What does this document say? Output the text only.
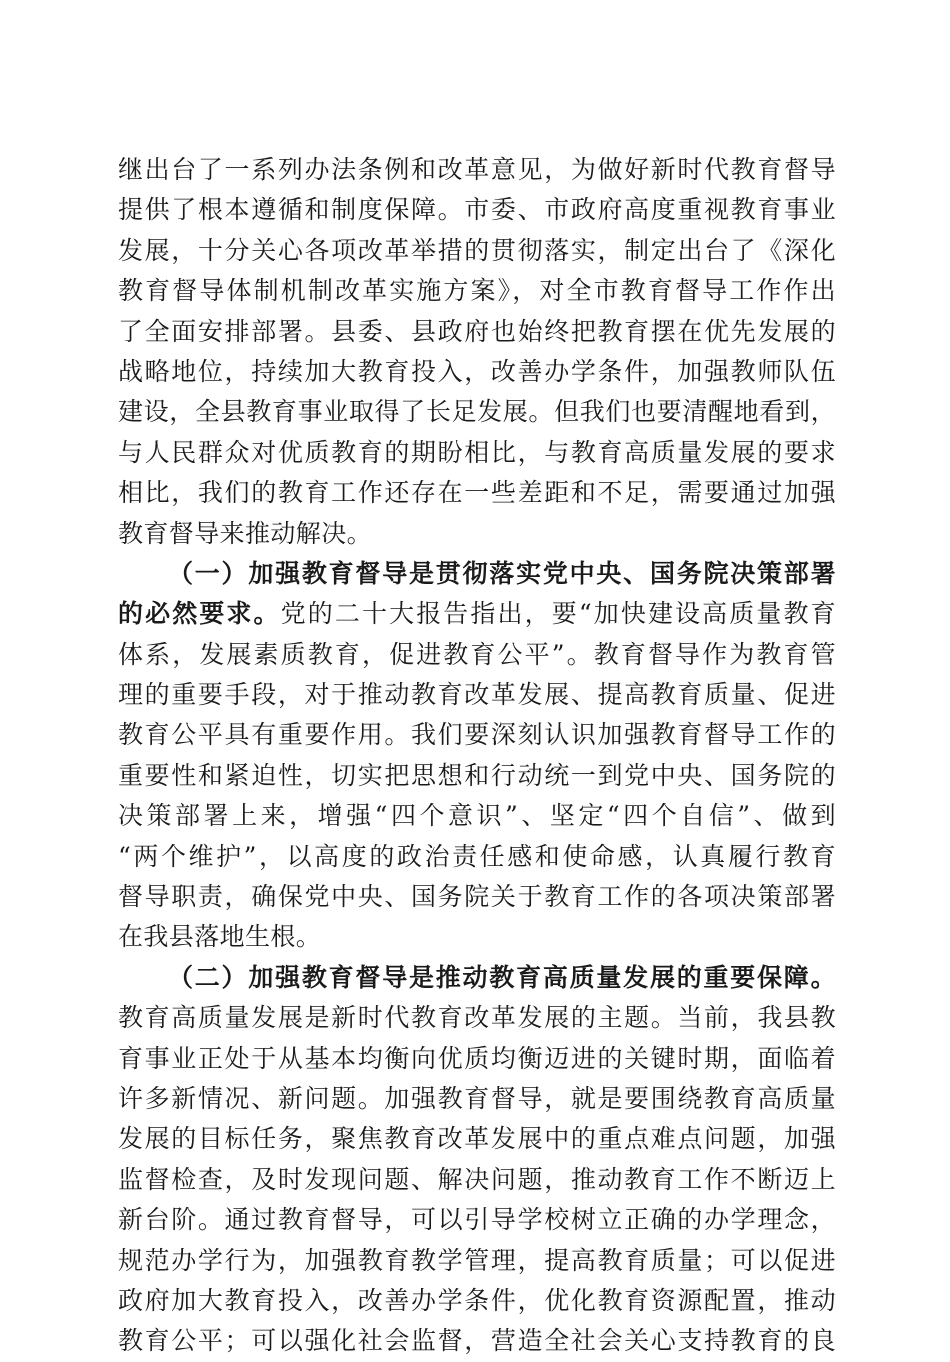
继出台了一系列办法条例和改革意见，为做好新时代教育督导
提供了根本遵循和制度保障。市委、市政府高度重视教育事业
发展，十分关心各项改革举措的贯彻落实，制定出台了《深化
教育督导体制机制改革实施方案》，对全市教育督导工作作出
了全面安排部署。县委、县政府也始终把教育摆在优先发展的
战略地位，持续加大教育投入，改善办学条件，加强教师队伍
建设，全县教育事业取得了长足发展。但我们也要清醒地看到，
与人民群众对优质教育的期盼相比，与教育高质量发展的要求
相比，我们的教育工作还存在一些差距和不足，需要通过加强
教育督导来推动解决。
（一）加强教育督导是贯彻落实党中央、国务院决策部署
的必然要求。党的二十大报告指出，要“加快建设高质量教育
体系，发展素质教育，促进教育公平”。教育督导作为教育管
理的重要手段，对于推动教育改革发展、提高教育质量、促进
教育公平具有重要作用。我们要深刻认识加强教育督导工作的
重要性和紧迫性，切实把思想和行动统一到党中央、国务院的
决策部署上来，增强“四个意识”、坚定“四个自信”、做到
“两个维护”，以高度的政治责任感和使命感，认真履行教育
督导职责，确保党中央、国务院关于教育工作的各项决策部署
在我县落地生根。
（二）加强教育督导是推动教育高质量发展的重要保障。
教育高质量发展是新时代教育改革发展的主题。当前，我县教
育事业正处于从基本均衡向优质均衡迈进的关键时期，面临着
许多新情况、新问题。加强教育督导，就是要围绕教育高质量
发展的目标任务，聚焦教育改革发展中的重点难点问题，加强
监督检查，及时发现问题、解决问题，推动教育工作不断迈上
新台阶。通过教育督导，可以引导学校树立正确的办学理念，
规范办学行为，加强教育教学管理，提高教育质量；可以促进
政府加大教育投入，改善办学条件，优化教育资源配置，推动
教育公平；可以强化社会监督，营造全社会关心支持教育的良
